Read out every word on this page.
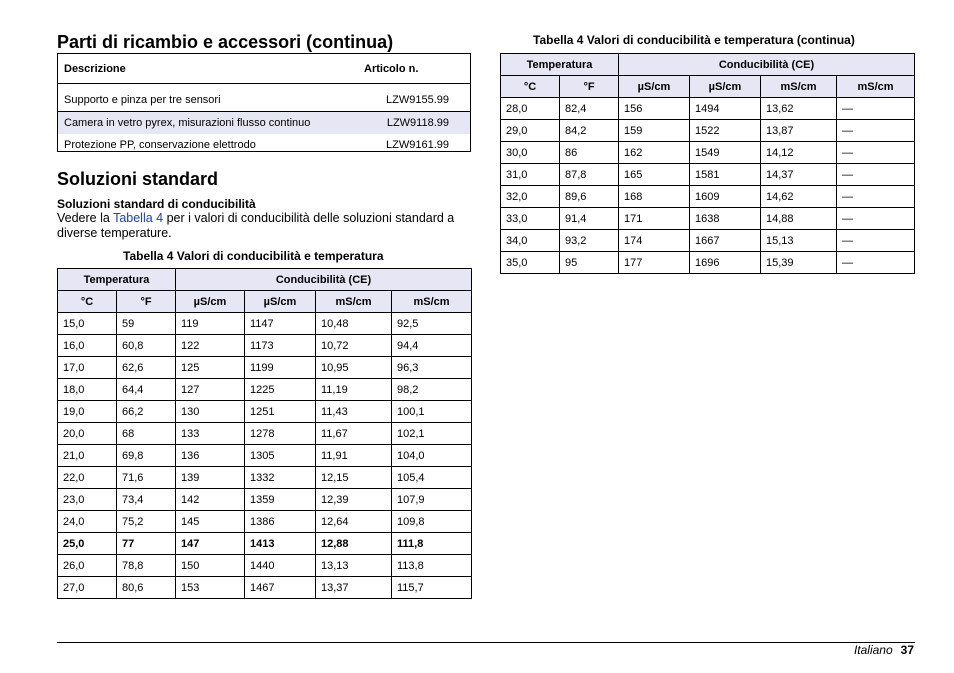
Parti di ricambio e accessori (continua)
Descrizione	Articolo n.

Supporto e pinza per tre sensori	LZW9155.99
Camera in vetro pyrex, misurazioni flusso continuo	LZW9118.99
Protezione PP, conservazione elettrodo	LZW9161.99
Soluzioni standard
Soluzioni standard di conducibilità
Vedere la Tabella 4 per i valori di conducibilità delle soluzioni standard a diverse temperature.
Tabella 4 Valori di conducibilità e temperatura
Temperatura		Conducibilità (CE)			
°C	°F	µS/cm	µS/cm	mS/cm	mS/cm
15,0	59	119	1147	10,48	92,5
16,0	60,8	122	1173	10,72	94,4
17,0	62,6	125	1199	10,95	96,3
18,0	64,4	127	1225	11,19	98,2
19,0	66,2	130	1251	11,43	100,1
20,0	68	133	1278	11,67	102,1
21,0	69,8	136	1305	11,91	104,0
22,0	71,6	139	1332	12,15	105,4
23,0	73,4	142	1359	12,39	107,9
24,0	75,2	145	1386	12,64	109,8
25,0	77	147	1413	12,88	111,8
26,0	78,8	150	1440	13,13	113,8
27,0	80,6	153	1467	13,37	115,7
Tabella 4 Valori di conducibilità e temperatura (continua)
Temperatura		Conducibilità (CE)			
°C	°F	µS/cm	µS/cm	mS/cm	mS/cm
28,0	82,4	156	1494	13,62	—
29,0	84,2	159	1522	13,87	—
30,0	86	162	1549	14,12	—
31,0	87,8	165	1581	14,37	—
32,0	89,6	168	1609	14,62	—
33,0	91,4	171	1638	14,88	—
34,0	93,2	174	1667	15,13	—
35,0	95	177	1696	15,39	—
Italiano 37
